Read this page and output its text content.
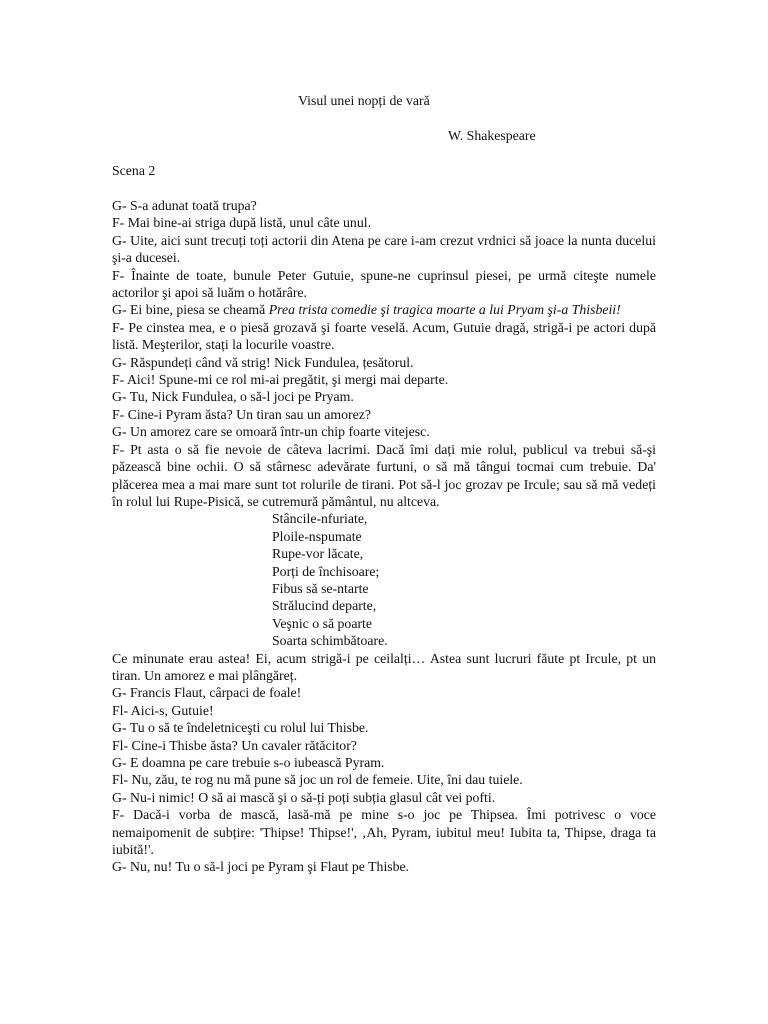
Visul unei nopți de vară
W. Shakespeare
Scena 2

G- S-a adunat toată trupa?

F- Mai bine-ai striga după listă, unul câte unul.

G- Uite, aici sunt trecuți toți actorii din Atena pe care i-am crezut vrdnici să joace la nunta ducelui şi-a ducesei.

F- Înainte de toate, bunule Peter Gutuie, spune-ne cuprinsul piesei, pe urmă citeşte numele actorilor şi apoi să luăm o hotărâre.

G- Ei bine, piesa se cheamă Prea trista comedie şi tragica moarte a lui Pryam şi-a Thisbeii!

F- Pe cinstea mea, e o piesă grozavă şi foarte veselă. Acum, Gutuie dragă, strigă-i pe actori după listă. Meşterilor, stați la locurile voastre.

G- Răspundeți când vă strig! Nick Fundulea, țesătorul.

F- Aici! Spune-mi ce rol mi-ai pregătit, şi mergi mai departe.

G- Tu, Nick Fundulea, o să-l joci pe Pryam.

F- Cine-i Pyram ăsta? Un tiran sau un amorez?

G- Un amorez care se omoară într-un chip foarte vitejesc.

F- Pt asta o să fie nevoie de câteva lacrimi. Dacă îmi dați mie rolul, publicul va trebui să-şi păzească bine ochii. O să stârnesc adevărate furtuni, o să mă tângui tocmai cum trebuie. Da' plăcerea mea a mai mare sunt tot rolurile de tirani. Pot să-l joc grozav pe Ircule; sau să mă vedeți în rolul lui Rupe-Pisică, se cutremură pământul, nu altceva.

Stâncile-nfuriate,
Ploile-nspumate
Rupe-vor lăcate,
Porți de închisoare;
Fibus să se-ntarte
Strălucind departe,
Veşnic o să poarte
Soarta schimbătoare.

Ce minunate erau astea! Ei, acum strigă-i pe ceilalți… Astea sunt lucruri făute pt Ircule, pt un tiran. Un amorez e mai plângăreț.

G- Francis Flaut, cârpaci de foale!

Fl- Aici-s, Gutuie!

G- Tu o să te îndeletniceşti cu rolul lui Thisbe.

Fl- Cine-i Thisbe ăsta? Un cavaler rătăcitor?

G- E doamna pe care trebuie s-o iubească Pyram.

Fl- Nu, zău, te rog nu mă pune să joc un rol de femeie. Uite, îni dau tuiele.

G- Nu-i nimic! O să ai mască şi o să-ți poți subția glasul cât vei pofti.

F- Dacă-i vorba de mască, lasă-mă pe mine s-o joc pe Thipsea. Îmi potrivesc o voce nemaipomenit de subțire: 'Thipse! Thipse!', ‚Ah, Pyram, iubitul meu! Iubita ta, Thipse, draga ta iubită!'.

G- Nu, nu! Tu o să-l joci pe Pyram şi Flaut pe Thisbe.
